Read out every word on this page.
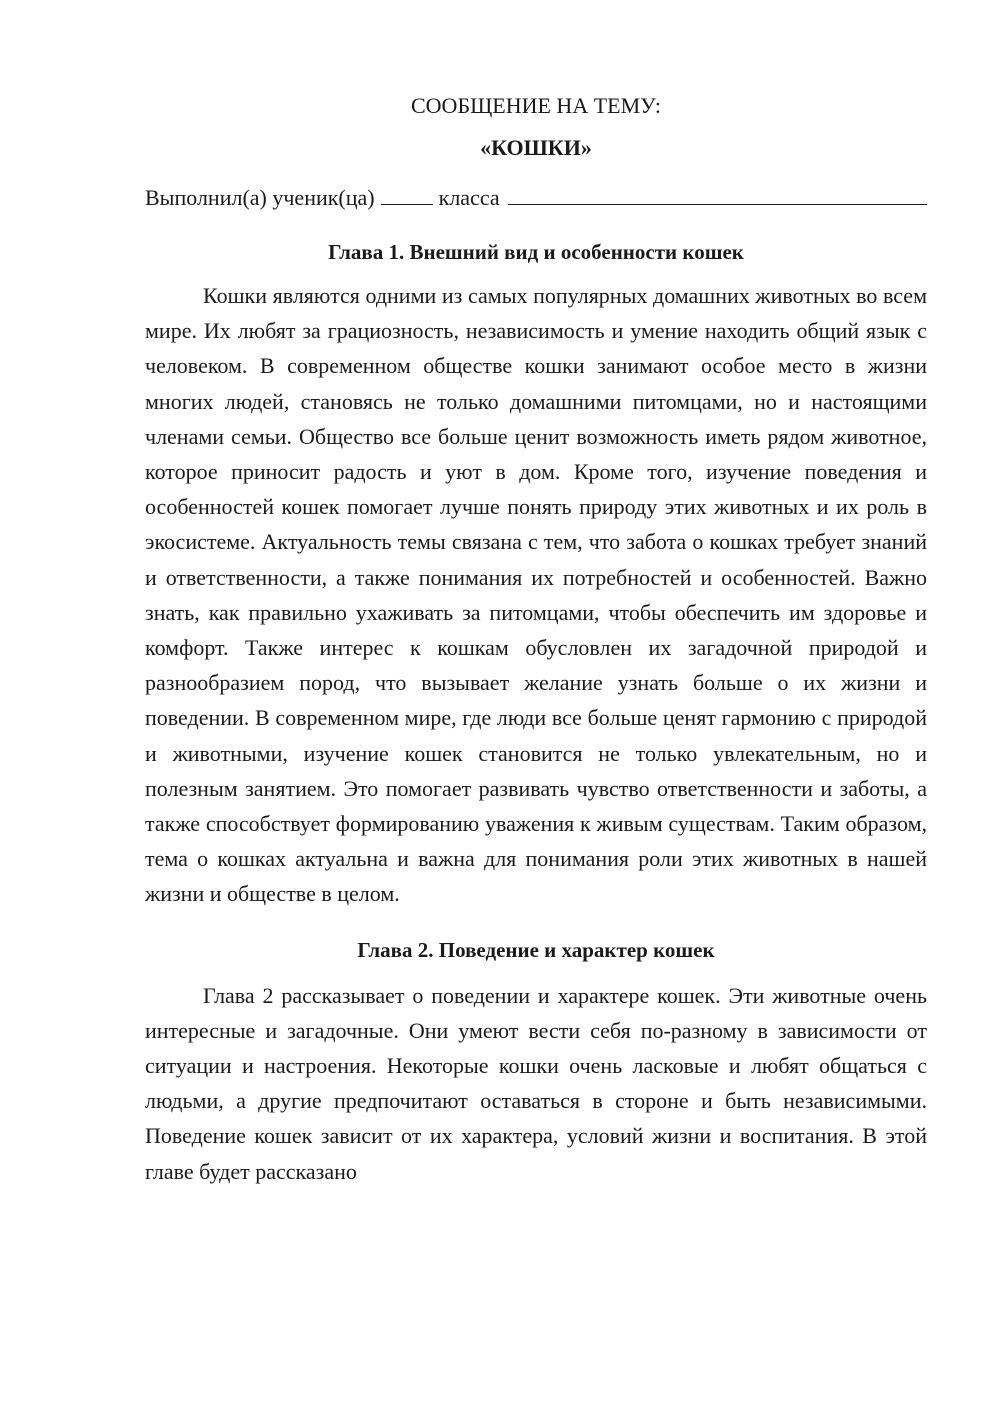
СООБЩЕНИЕ НА ТЕМУ:

«КОШКИ»

Выполнил(а) ученик(ца)	класса

Глава 1. Внешний вид и особенности кошек

Кошки являются одними из самых популярных домашних животных во всем мире. Их любят за грациозность, независимость и умение находить общий язык с человеком. В современном обществе кошки занимают особое место в жизни многих людей, становясь не только домашними питомцами, но и настоящими членами семьи. Общество все больше ценит возможность иметь рядом животное, которое приносит радость и уют в дом. Кроме того, изучение поведения и особенностей кошек помогает лучше понять природу этих животных и их роль в экосистеме. Актуальность темы связана с тем, что забота о кошках требует знаний и ответственности, а также понимания их потребностей и особенностей. Важно знать, как правильно ухаживать за питомцами, чтобы обеспечить им здоровье и комфорт. Также интерес к кошкам обусловлен их загадочной природой и разнообразием пород, что вызывает желание узнать больше о их жизни и поведении. В современном мире, где люди все больше ценят гармонию с природой и животными, изучение кошек становится не только увлекательным, но и полезным занятием. Это помогает развивать чувство ответственности и заботы, а также способствует формированию уважения к живым существам. Таким образом, тема о кошках актуальна и важна для понимания роли этих животных в нашей жизни и обществе в целом.

Глава 2. Поведение и характер кошек

Глава 2 рассказывает о поведении и характере кошек. Эти животные очень интересные и загадочные. Они умеют вести себя по-разному в зависимости от ситуации и настроения. Некоторые кошки очень ласковые и любят общаться с людьми, а другие предпочитают оставаться в стороне и быть независимыми. Поведение кошек зависит от их характера, условий жизни и воспитания. В этой главе будет рассказано
